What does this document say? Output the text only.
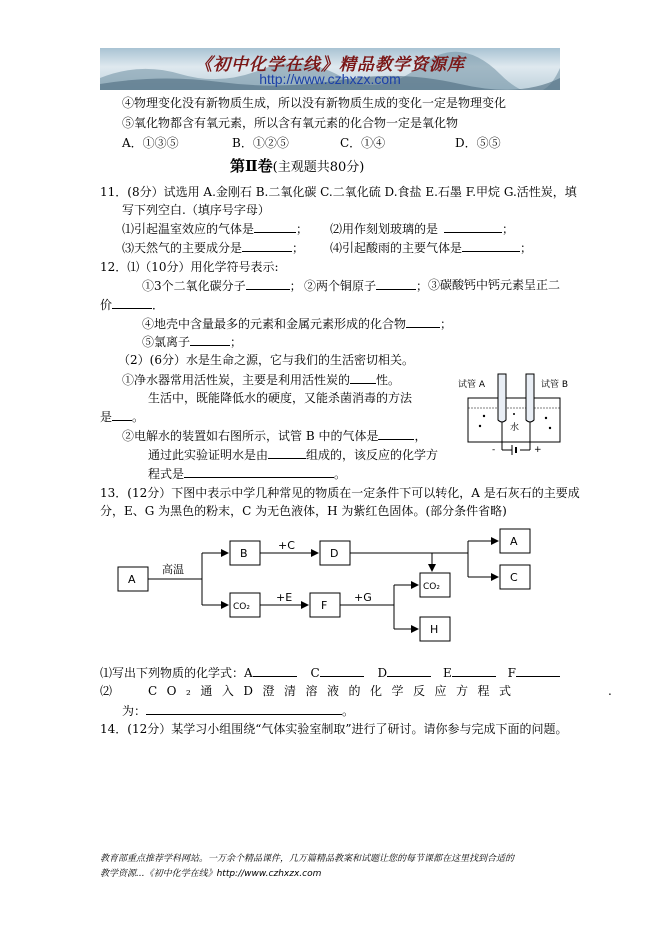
《初中化学在线》精品教学资源库
http://www.czhxzx.com
④物理变化没有新物质生成，所以没有新物质生成的变化一定是物理变化
⑤氧化物都含有氧元素，所以含有氧元素的化合物一定是氧化物
A．①③⑤	B．①②⑤	C．①④	D．⑤⑤
第Ⅱ卷(主观题共80分)
11．(8分）试选用 A.金刚石 B.二氧化碳 C.二氧化硫 D.食盐 E.石墨 F.甲烷 G.活性炭，填
写下列空白.（填序号字母）
⑴引起温室效应的气体是	； ⑵用作刻划玻璃的是	；
⑶天然气的主要成分是	； ⑷引起酸雨的主要气体是	；
12．⑴（10分）用化学符号表示:
①3个二氧化碳分子	； ②两个铜原子	； ③碳酸钙中钙元素呈正二
价	．
④地壳中含量最多的元素和金属元素形成的化合物	；
⑤氯离子	；
（2）(6分）水是生命之源，它与我们的生活密切相关。
①净水器常用活性炭，主要是利用活性炭的 性。
生活中，既能降低水的硬度，又能杀菌消毒的方法
是 。
②电解水的装置如右图所示，试管 B 中的气体是	，
通过此实验证明水是由	组成的，该反应的化学方
程式是	。
试管 A	试管 B
水
-	+
13．(12分）下图中表示中学几种常见的物质在一定条件下可以转化，A 是石灰石的主要成
分，E、G 为黑色的粉末，C 为无色液体，H 为紫红色固体。(部分条件省略)
A
B	D
CO₂	F
CO₂
H
A
C
高温
+C
+E	+G
⑴写出下列物质的化学式：A	C	D	E	F
⑵	CO₂通入D澄清溶液的化学反应方程式	.
为：	。
14．(12分）某学习小组围绕“气体实验室制取”进行了研讨。请你参与完成下面的问题。
教育部重点推荐学科网站。一万余个精品课件，几万篇精品教案和试题让您的每节课都在这里找到合适的
教学资源...《初中化学在线》http://www.czhxzx.com
